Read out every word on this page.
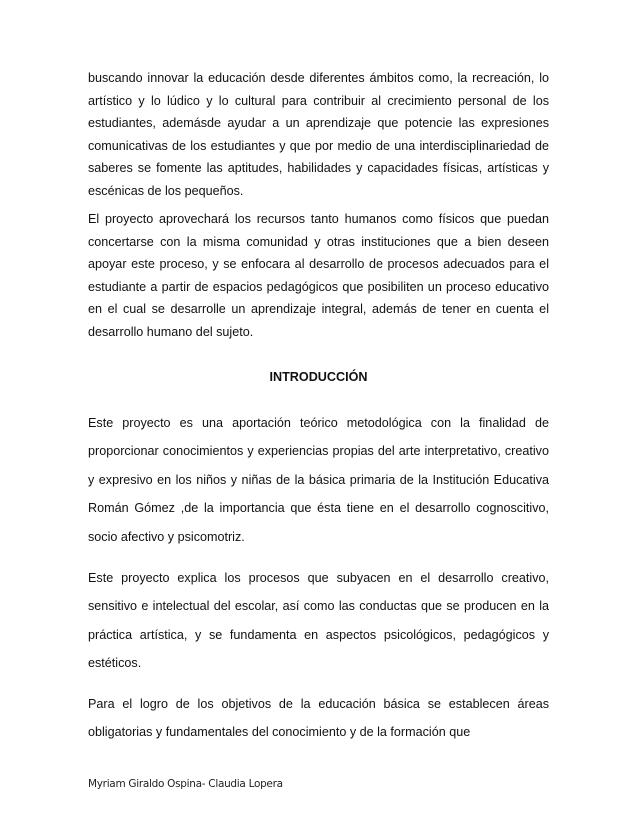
buscando innovar la educación desde diferentes ámbitos como, la recreación, lo artístico y lo lúdico y lo cultural para contribuir al crecimiento personal de los estudiantes, ademásde ayudar a un aprendizaje que potencie las expresiones comunicativas de los estudiantes y que por medio de una interdisciplinariedad de saberes se fomente las aptitudes, habilidades y capacidades físicas, artísticas y escénicas de los pequeños.

El proyecto aprovechará los recursos tanto humanos como físicos que puedan concertarse con la misma comunidad y otras instituciones que a bien deseen apoyar este proceso, y se enfocara al desarrollo de procesos adecuados para el estudiante a partir de espacios pedagógicos que posibiliten un proceso educativo en el cual se desarrolle un aprendizaje integral, además de tener en cuenta el desarrollo humano del sujeto.

INTRODUCCIÓN

Este proyecto es una aportación teórico metodológica con la finalidad de proporcionar conocimientos y experiencias propias del arte interpretativo, creativo y expresivo en los niños y niñas de la básica primaria de la Institución Educativa Román Gómez ,de la importancia que ésta tiene en el desarrollo cognoscitivo, socio afectivo y psicomotriz.

Este proyecto explica los procesos que subyacen en el desarrollo creativo, sensitivo e intelectual del escolar, así como las conductas que se producen en la práctica artística, y se fundamenta en aspectos psicológicos, pedagógicos y estéticos.

Para el logro de los objetivos de la educación básica se establecen áreas obligatorias y fundamentales del conocimiento y de la formación que

Myriam Giraldo Ospina- Claudia Lopera
